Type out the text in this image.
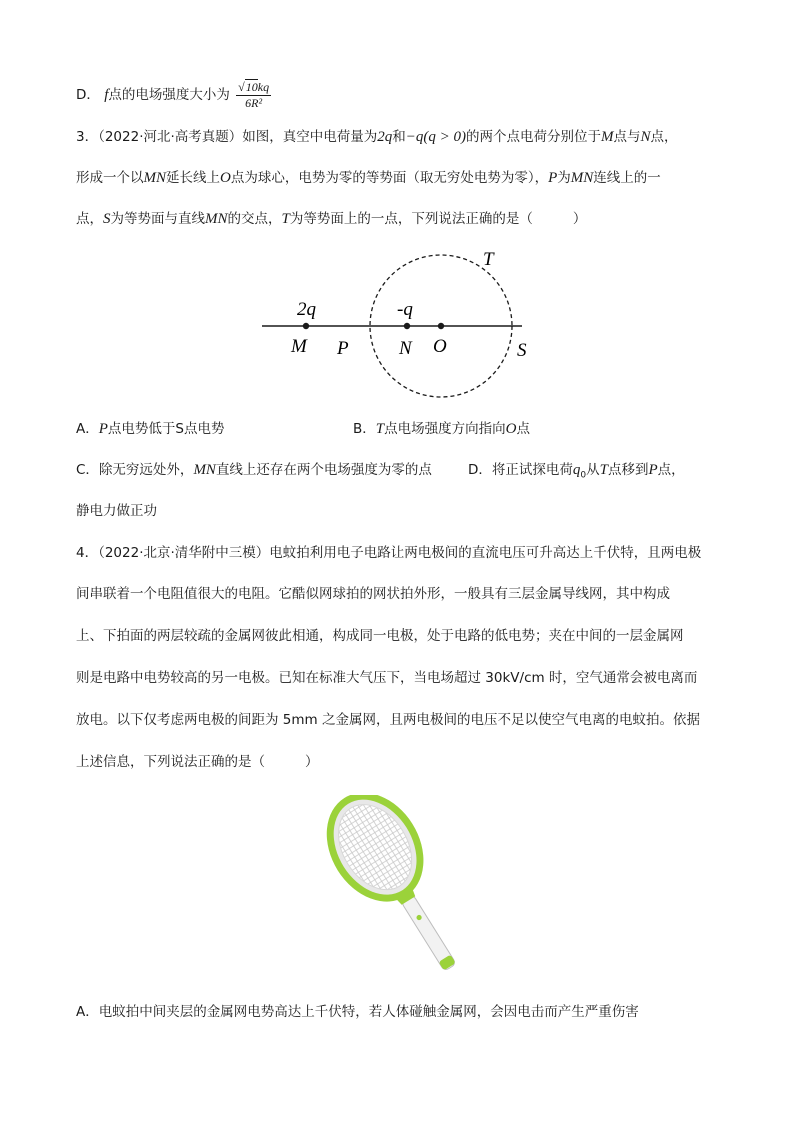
D． f点的电场强度大小为 $\frac{√10kq}{\text{6R²}}$
3．（2022·河北·高考真题）如图，真空中电荷量为2q和−q(q > 0)的两个点电荷分别位于M点与N点，
形成一个以MN延长线上O点为球心，电势为零的等势面（取无穷处电势为零），P为MN连线上的一
点，S为等势面与直线MN的交点，T为等势面上的一点，下列说法正确的是（	）
2q	-q
M P	N O	S
T
A．P点电势低于S点电势	B．T点电场强度方向指向O点
C．除无穷远处外，MN直线上还存在两个电场强度为零的点	D．将正试探电荷$q_0$从T点移到P点，
静电力做正功
4．（2022·北京·清华附中三模）电蚊拍利用电子电路让两电极间的直流电压可升高达上千伏特，且两电极
间串联着一个电阻值很大的电阻。它酷似网球拍的网状拍外形，一般具有三层金属导线网，其中构成
上、下拍面的两层较疏的金属网彼此相通，构成同一电极，处于电路的低电势；夹在中间的一层金属网
则是电路中电势较高的另一电极。已知在标准大气压下，当电场超过 30kV/cm 时，空气通常会被电离而
放电。以下仅考虑两电极的间距为 5mm 之金属网，且两电极间的电压不足以使空气电离的电蚊拍。依据
上述信息，下列说法正确的是（	）
A．电蚊拍中间夹层的金属网电势高达上千伏特，若人体碰触金属网，会因电击而产生严重伤害
